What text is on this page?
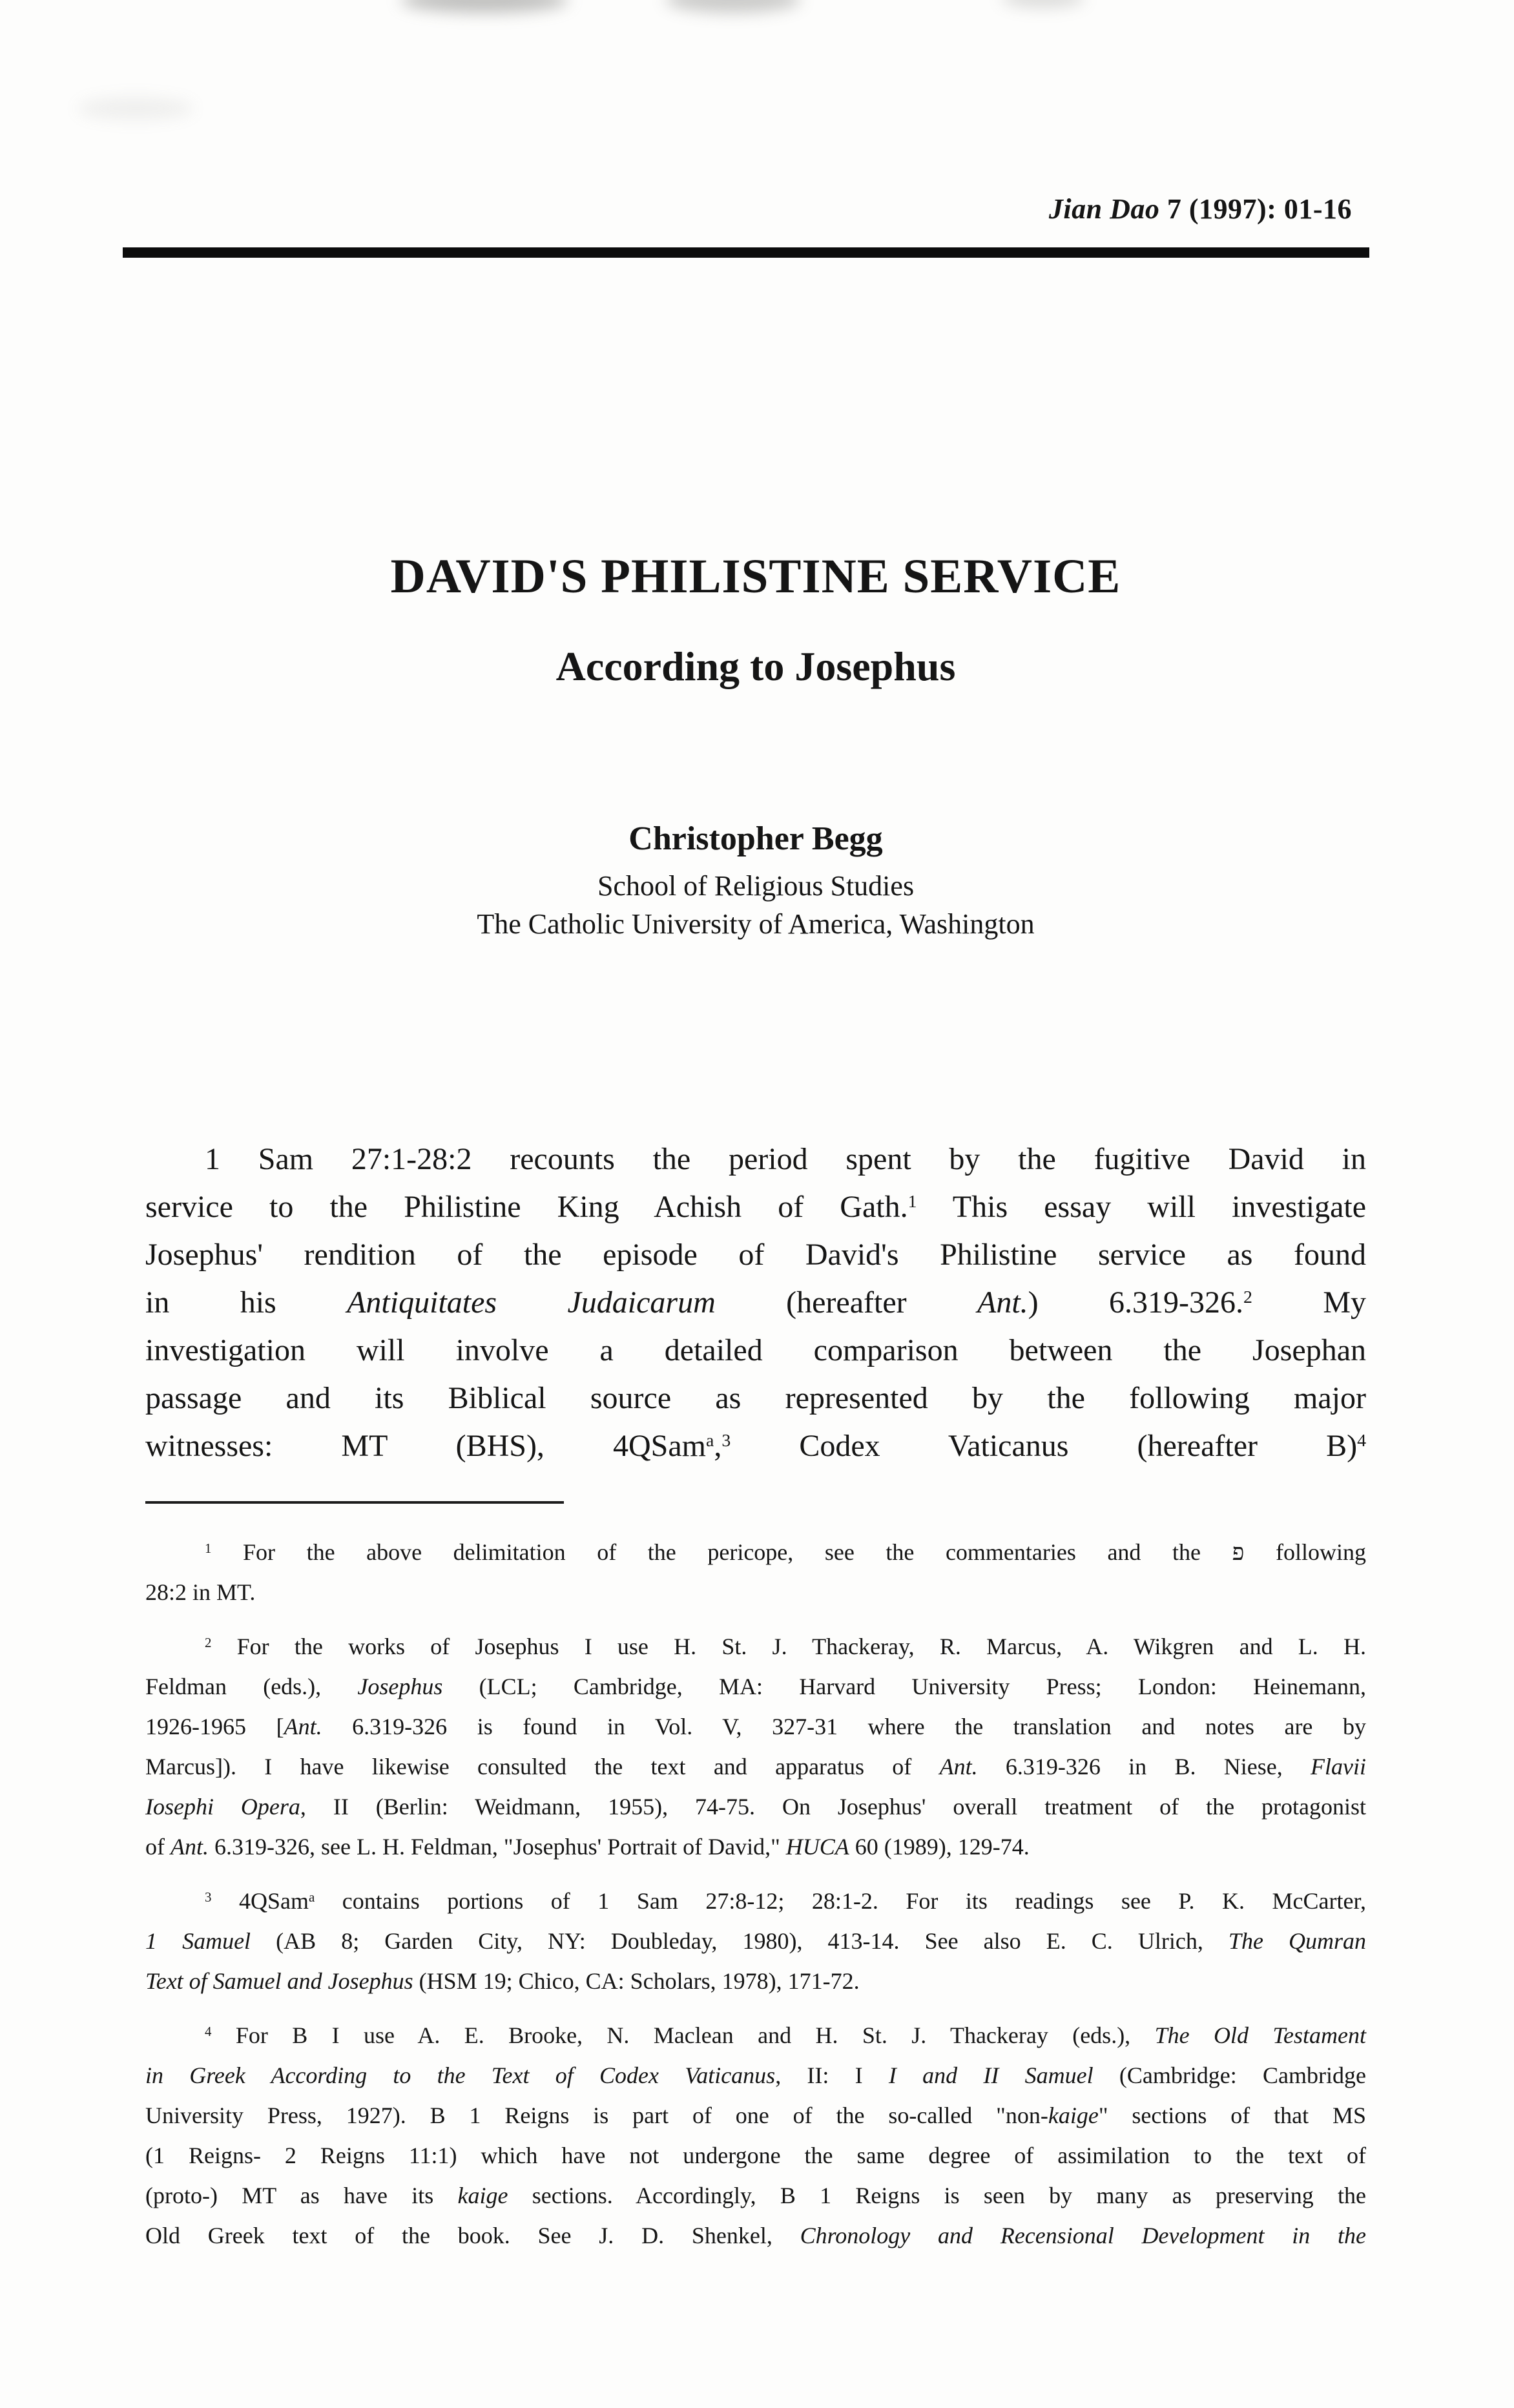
Jian Dao 7 (1997): 01-16
DAVID'S PHILISTINE SERVICE
According to Josephus
Christopher Begg
School of Religious Studies
The Catholic University of America, Washington
1 Sam 27:1-28:2 recounts the period spent by the fugitive David in
service to the Philistine King Achish of Gath.$^1$ This essay will investigate
Josephus' rendition of the episode of David's Philistine service as found
in his Antiquitates Judaicarum (hereafter Ant.) 6.319-326.$^2$ My
investigation will involve a detailed comparison between the Josephan
passage and its Biblical source as represented by the following major
witnesses: MT (BHS), 4QSam$^a$,$^3$ Codex Vaticanus (hereafter B)$^4$
$^1$ For the above delimitation of the pericope, see the commentaries and the פ following
28:2 in MT.
$^2$ For the works of Josephus I use H. St. J. Thackeray, R. Marcus, A. Wikgren and L. H.
Feldman (eds.), Josephus (LCL; Cambridge, MA: Harvard University Press; London: Heinemann,
1926-1965 [Ant. 6.319-326 is found in Vol. V, 327-31 where the translation and notes are by
Marcus]). I have likewise consulted the text and apparatus of Ant. 6.319-326 in B. Niese, Flavii
Iosephi Opera, II (Berlin: Weidmann, 1955), 74-75. On Josephus' overall treatment of the protagonist
of Ant. 6.319-326, see L. H. Feldman, "Josephus' Portrait of David," HUCA 60 (1989), 129-74.
$^3$ 4QSam$^a$ contains portions of 1 Sam 27:8-12; 28:1-2. For its readings see P. K. McCarter,
1 Samuel (AB 8; Garden City, NY: Doubleday, 1980), 413-14. See also E. C. Ulrich, The Qumran
Text of Samuel and Josephus (HSM 19; Chico, CA: Scholars, 1978), 171-72.
$^4$ For B I use A. E. Brooke, N. Maclean and H. St. J. Thackeray (eds.), The Old Testament
in Greek According to the Text of Codex Vaticanus, II: I I and II Samuel (Cambridge: Cambridge
University Press, 1927). B 1 Reigns is part of one of the so-called "non-kaige" sections of that MS
(1 Reigns- 2 Reigns 11:1) which have not undergone the same degree of assimilation to the text of
(proto-) MT as have its kaige sections. Accordingly, B 1 Reigns is seen by many as preserving the
Old Greek text of the book. See J. D. Shenkel, Chronology and Recensional Development in the
